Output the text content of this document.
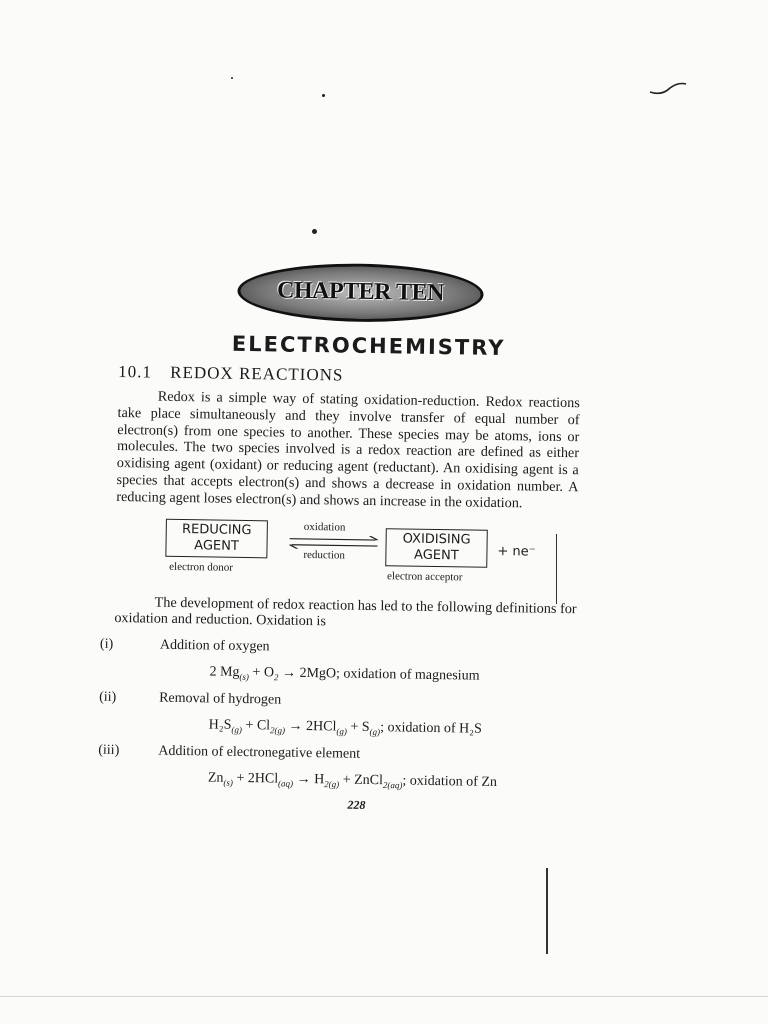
CHAPTER TEN
ELECTROCHEMISTRY
10.1 REDOX REACTIONS
Redox is a simple way of stating oxidation-reduction. Redox reactions take place simultaneously and they involve transfer of equal number of electron(s) from one species to another. These species may be atoms, ions or molecules. The two species involved is a redox reaction are defined as either oxidising agent (oxidant) or reducing agent (reductant). An oxidising agent is a species that accepts electron(s) and shows a decrease in oxidation number. A reducing agent loses electron(s) and shows an increase in the oxidation.
REDUCING
AGENT
oxidation
reduction
OXIDISING
AGENT	+ ne⁻
electron donor
electron acceptor
The development of redox reaction has led to the following definitions for oxidation and reduction. Oxidation is
(i)	Addition of oxygen
2 $Mg_{(s)} + O_2 \to 2MgO$; oxidation of magnesium
(ii)	Removal of hydrogen
$H_2S_{(g)} + Cl_{2(g)} \to 2HCl_{(g)} + S_{(g)}$; oxidation of H₂S
(iii)	Addition of electronegative element
$Zn_{(s)} + 2HCl_{(aq)} \to H_{2(g)}$ + ZnCl$_{2(aq)}$; oxidation of Zn
228
